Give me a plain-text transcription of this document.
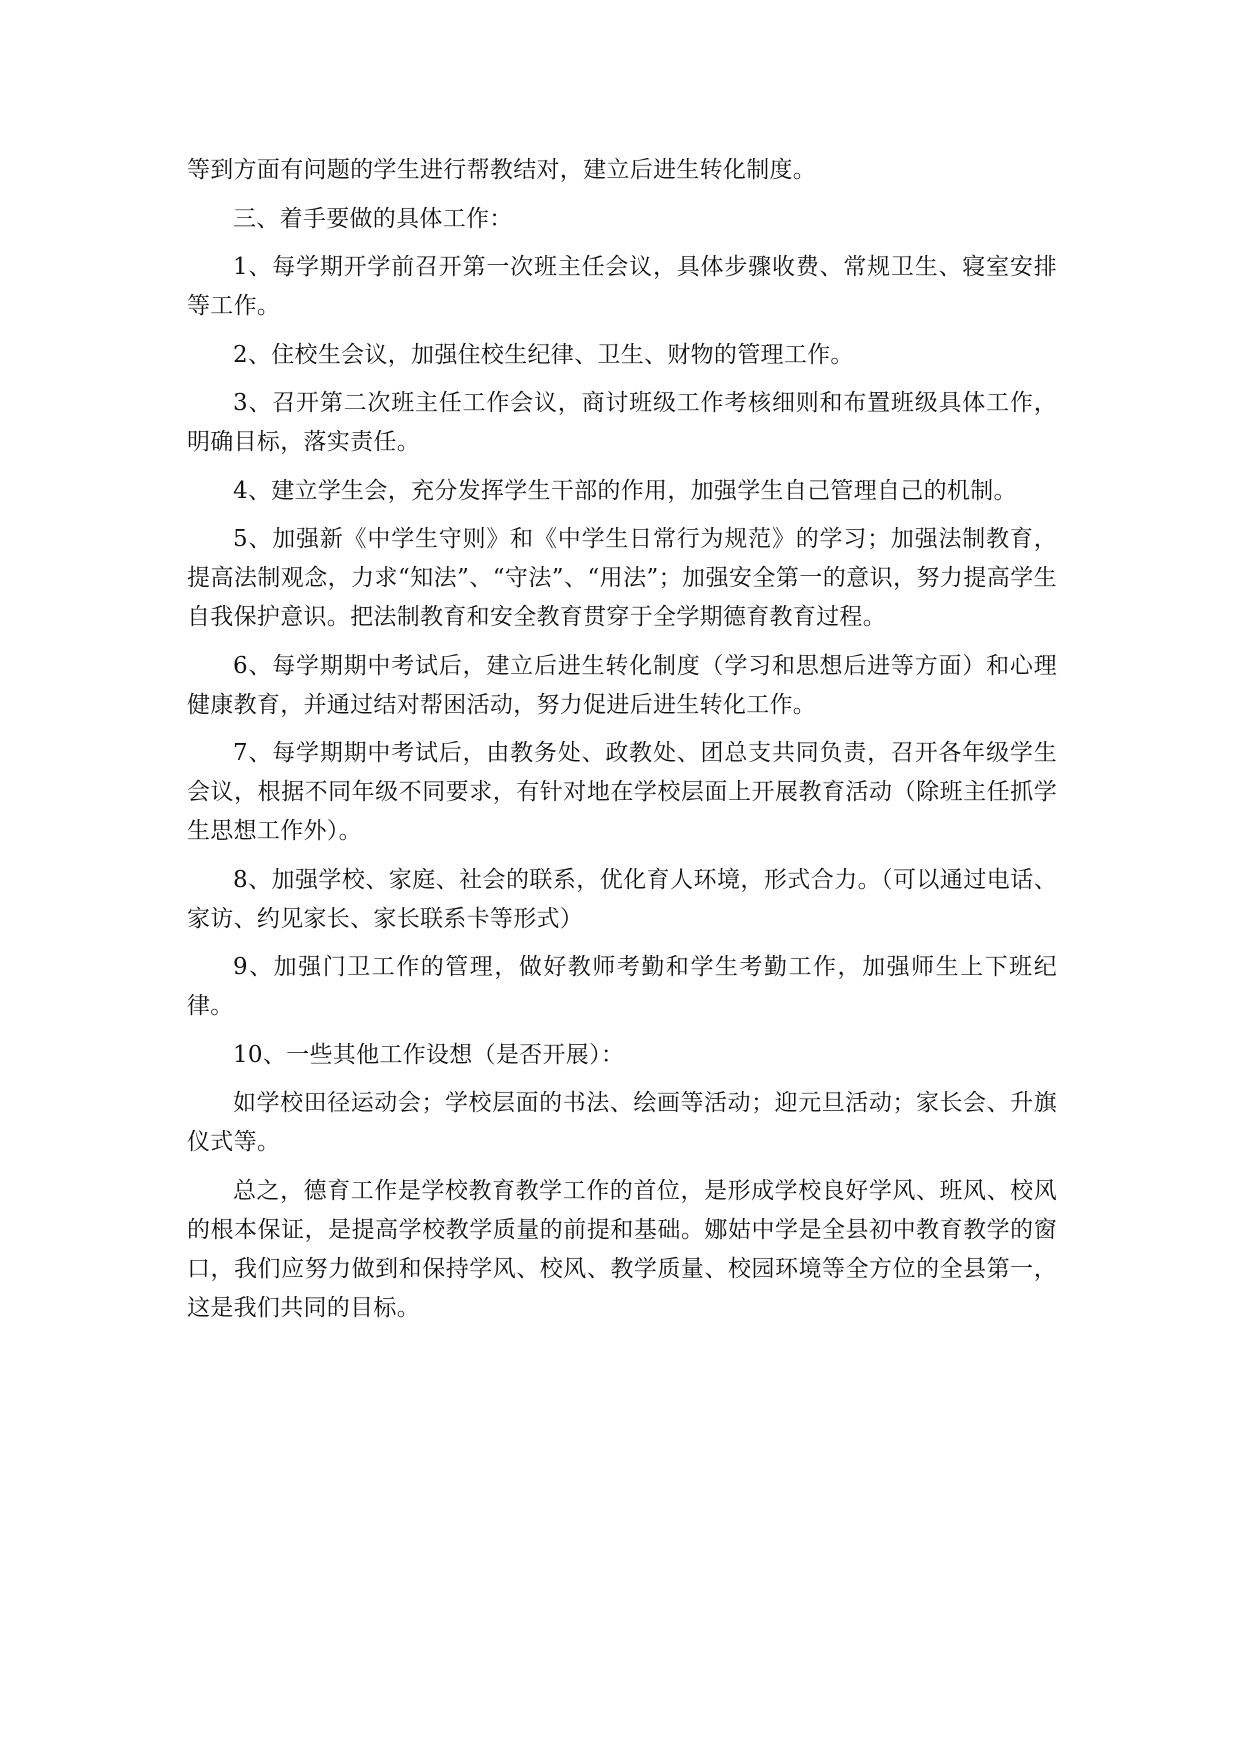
等到方面有问题的学生进行帮教结对，建立后进生转化制度。

三、着手要做的具体工作：

1、每学期开学前召开第一次班主任会议，具体步骤收费、常规卫生、寝室安排等工作。

2、住校生会议，加强住校生纪律、卫生、财物的管理工作。

3、召开第二次班主任工作会议，商讨班级工作考核细则和布置班级具体工作，明确目标，落实责任。

4、建立学生会，充分发挥学生干部的作用，加强学生自己管理自己的机制。

5、加强新《中学生守则》和《中学生日常行为规范》的学习；加强法制教育，提高法制观念，力求“知法”、“守法”、“用法”；加强安全第一的意识，努力提高学生自我保护意识。把法制教育和安全教育贯穿于全学期德育教育过程。

6、每学期期中考试后，建立后进生转化制度（学习和思想后进等方面）和心理健康教育，并通过结对帮困活动，努力促进后进生转化工作。

7、每学期期中考试后，由教务处、政教处、团总支共同负责，召开各年级学生会议，根据不同年级不同要求，有针对地在学校层面上开展教育活动（除班主任抓学生思想工作外）。

8、加强学校、家庭、社会的联系，优化育人环境，形式合力。（可以通过电话、家访、约见家长、家长联系卡等形式）

9、加强门卫工作的管理，做好教师考勤和学生考勤工作，加强师生上下班纪律。

10、一些其他工作设想（是否开展）：

如学校田径运动会；学校层面的书法、绘画等活动；迎元旦活动；家长会、升旗仪式等。

总之，德育工作是学校教育教学工作的首位，是形成学校良好学风、班风、校风的根本保证，是提高学校教学质量的前提和基础。娜姑中学是全县初中教育教学的窗口，我们应努力做到和保持学风、校风、教学质量、校园环境等全方位的全县第一，这是我们共同的目标。
